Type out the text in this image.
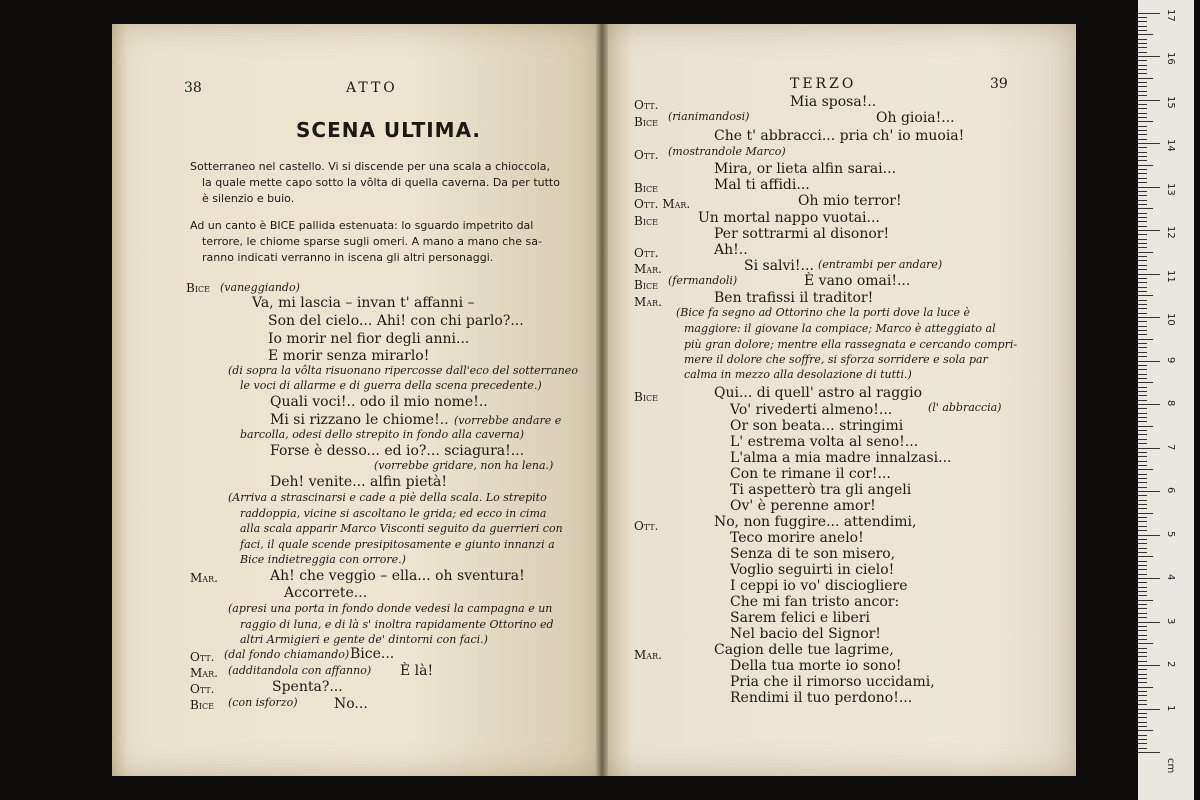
38	ATTO
SCENA ULTIMA.
Sotterraneo nel castello. Vi si discende per una scala a chioccola,
la quale mette capo sotto la vôlta di quella caverna. Da per tutto
è silenzio e buio.
Ad un canto è BICE pallida estenuata: lo sguardo impetrito dal
terrore, le chiome sparse sugli omeri. A mano a mano che sa-
ranno indicati verranno in iscena gli altri personaggi.
Bice (vaneggiando)
Va, mi lascia – invan t' affanni –
Son del cielo... Ahi! con chi parlo?...
Io morir nel fior degli anni...
E morir senza mirarlo!
(di sopra la vôlta risuonano ripercosse dall'eco del sotterraneo
le voci di allarme e di guerra della scena precedente.)
Quali voci!.. odo il mio nome!..
Mi si rizzano le chiome!.. (vorrebbe andare e
barcolla, odesi dello strepito in fondo alla caverna)
Forse è desso... ed io?... sciagura!...
(vorrebbe gridare, non ha lena.)
Deh! venite... alfin pietà!
(Arriva a strascinarsi e cade a piè della scala. Lo strepito
raddoppia, vicine si ascoltano le grida; ed ecco in cima
alla scala apparir Marco Visconti seguito da guerrieri con
faci, il quale scende presipitosamente e giunto innanzi a
Bice indietreggia con orrore.)
Mar.	Ah! che veggio – ella... oh sventura!
Accorrete...
(apresi una porta in fondo donde vedesi la campagna e un
raggio di luna, e di là s' inoltra rapidamente Ottorino ed
altri Armigieri e gente de' dintorni con faci.)
Ott. (dal fondo chiamando) Bice...
Mar. (additandola con affanno) È là!
Ott.	Spenta?...
Bice (con isforzo)	No...
TERZO	39
Ott.	Mia sposa!..
Bice (rianimandosi)	Oh gioia!...
Che t' abbracci... pria ch' io muoia!
Ott. (mostrandole Marco)
Mira, or lieta alfin sarai...
Bice	Mal ti affidi...
Ott. Mar.	Oh mio terror!
Bice	Un mortal nappo vuotai...
Per sottrarmi al disonor!
Ott.	Ah!..
Mar.	Si salvi!... (entrambi per andare)
Bice (fermandoli)	È vano omai!...
Mar.	Ben trafissi il traditor!
(Bice fa segno ad Ottorino che la porti dove la luce è
maggiore: il giovane la compiace; Marco è atteggiato al
più gran dolore; mentre ella rassegnata e cercando compri-
mere il dolore che soffre, si sforza sorridere e sola par
calma in mezzo alla desolazione di tutti.)
Bice	Qui... di quell' astro al raggio
Vo' rivederti almeno!...	(l' abbraccia)
Or son beata... stringimi
L' estrema volta al seno!...
L'alma a mia madre innalzasi...
Con te rimane il cor!...
Ti aspetterò tra gli angeli
Ov' è perenne amor!
Ott.	No, non fuggire... attendimi,
Teco morire anelo!
Senza di te son misero,
Voglio seguirti in cielo!
I ceppi io vo' disciogliere
Che mi fan tristo ancor:
Sarem felici e liberi
Nel bacio del Signor!
Mar.	Cagion delle tue lagrime,
Della tua morte io sono!
Pria che il rimorso uccidami,
Rendimi il tuo perdono!...
cm
1
2
3
4
5
6
7
8
9
10
11
12
13
14
15
16
17
